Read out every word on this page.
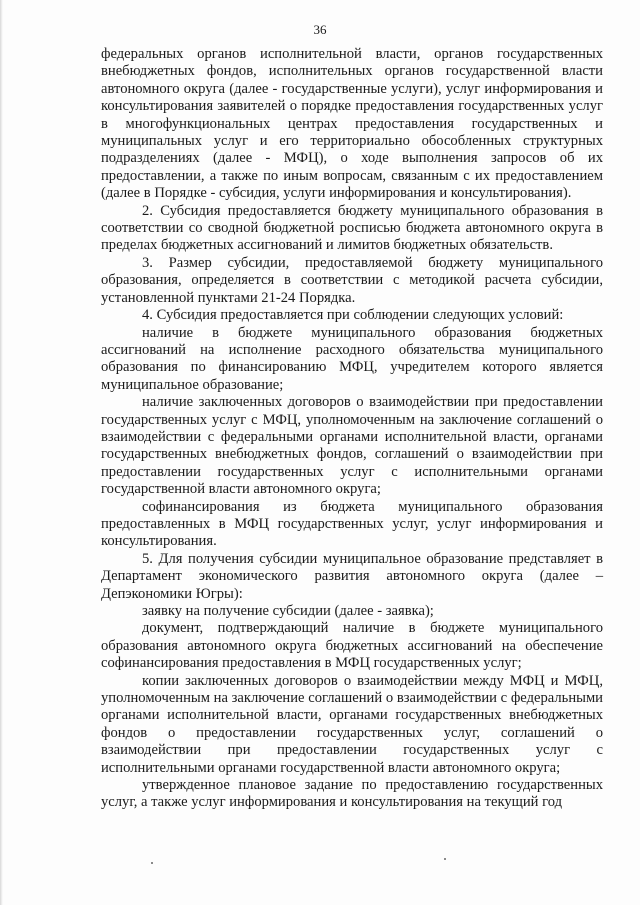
36

федеральных органов исполнительной власти, органов государственных внебюджетных фондов, исполнительных органов государственной власти автономного округа (далее - государственные услуги), услуг информирования и консультирования заявителей о порядке предоставления государственных услуг в многофункциональных центрах предоставления государственных и муниципальных услуг и его территориально обособленных структурных подразделениях (далее - МФЦ), о ходе выполнения запросов об их предоставлении, а также по иным вопросам, связанным с их предоставлением (далее в Порядке - субсидия, услуги информирования и консультирования).

2. Субсидия предоставляется бюджету муниципального образования в соответствии со сводной бюджетной росписью бюджета автономного округа в пределах бюджетных ассигнований и лимитов бюджетных обязательств.

3. Размер субсидии, предоставляемой бюджету муниципального образования, определяется в соответствии с методикой расчета субсидии, установленной пунктами 21-24 Порядка.

4. Субсидия предоставляется при соблюдении следующих условий:

наличие в бюджете муниципального образования бюджетных ассигнований на исполнение расходного обязательства муниципального образования по финансированию МФЦ, учредителем которого является муниципальное образование;

наличие заключенных договоров о взаимодействии при предоставлении государственных услуг с МФЦ, уполномоченным на заключение соглашений о взаимодействии с федеральными органами исполнительной власти, органами государственных внебюджетных фондов, соглашений о взаимодействии при предоставлении государственных услуг с исполнительными органами государственной власти автономного округа;

софинансирования из бюджета муниципального образования предоставленных в МФЦ государственных услуг, услуг информирования и консультирования.

5. Для получения субсидии муниципальное образование представляет в Департамент экономического развития автономного округа (далее – Депэкономики Югры):

заявку на получение субсидии (далее - заявка);

документ, подтверждающий наличие в бюджете муниципального образования автономного округа бюджетных ассигнований на обеспечение софинансирования предоставления в МФЦ государственных услуг;

копии заключенных договоров о взаимодействии между МФЦ и МФЦ, уполномоченным на заключение соглашений о взаимодействии с федеральными органами исполнительной власти, органами государственных внебюджетных фондов о предоставлении государственных услуг, соглашений о взаимодействии при предоставлении государственных услуг с исполнительными органами государственной власти автономного округа;

утвержденное плановое задание по предоставлению государственных услуг, а также услуг информирования и консультирования на текущий год
